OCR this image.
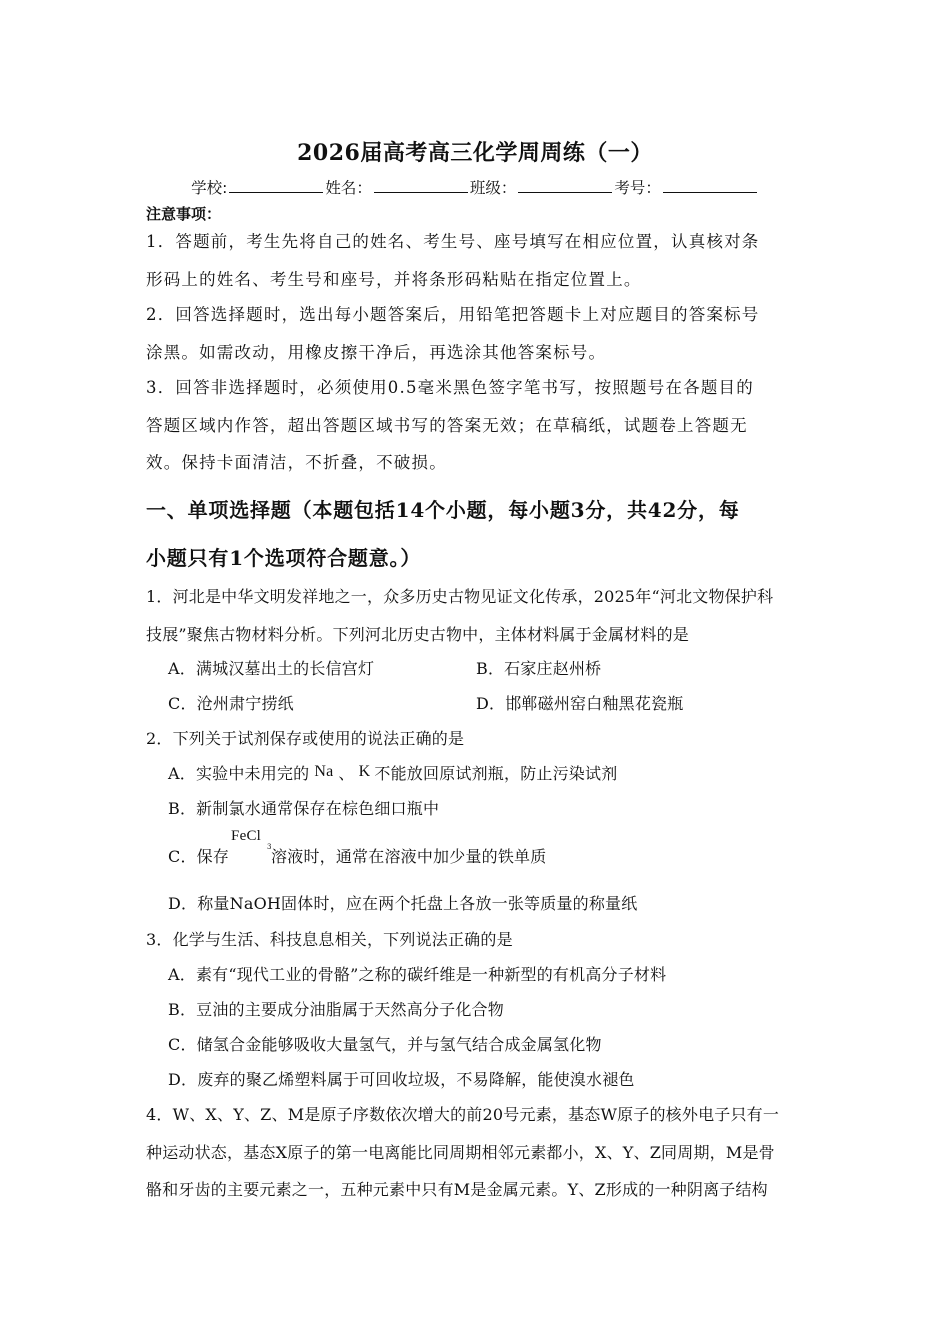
2026届高考高三化学周周练（一）
学校:	姓名：	班级：	考号：
注意事项：
1．答题前，考生先将自己的姓名、考生号、座号填写在相应位置，认真核对条
形码上的姓名、考生号和座号，并将条形码粘贴在指定位置上。
2．回答选择题时，选出每小题答案后，用铅笔把答题卡上对应题目的答案标号
涂黑。如需改动，用橡皮擦干净后，再选涂其他答案标号。
3．回答非选择题时，必须使用0.5毫米黑色签字笔书写，按照题号在各题目的
答题区域内作答，超出答题区域书写的答案无效；在草稿纸，试题卷上答题无
效。保持卡面清洁，不折叠，不破损。
一、单项选择题（本题包括14个小题，每小题3分，共42分，每
小题只有1个选项符合题意。）
1．河北是中华文明发祥地之一，众多历史古物见证文化传承，2025年“河北文物保护科
技展”聚焦古物材料分析。下列河北历史古物中，主体材料属于金属材料的是
A．满城汉墓出土的长信宫灯	B．石家庄赵州桥
C．沧州肃宁捞纸	D．邯郸磁州窑白釉黑花瓷瓶
2．下列关于试剂保存或使用的说法正确的是
A．实验中未用完的 Na 、 K 不能放回原试剂瓶，防止污染试剂
B．新制氯水通常保存在棕色细口瓶中
C．保存
FeCl
3 溶液时，通常在溶液中加少量的铁单质
D．称量NaOH固体时，应在两个托盘上各放一张等质量的称量纸
3．化学与生活、科技息息相关，下列说法正确的是
A．素有“现代工业的骨骼”之称的碳纤维是一种新型的有机高分子材料
B．豆油的主要成分油脂属于天然高分子化合物
C．储氢合金能够吸收大量氢气，并与氢气结合成金属氢化物
D．废弃的聚乙烯塑料属于可回收垃圾，不易降解，能使溴水褪色
4．W、X、Y、Z、M是原子序数依次增大的前20号元素，基态W原子的核外电子只有一
种运动状态，基态X原子的第一电离能比同周期相邻元素都小，X、Y、Z同周期，M是骨
骼和牙齿的主要元素之一，五种元素中只有M是金属元素。Y、Z形成的一种阴离子结构
